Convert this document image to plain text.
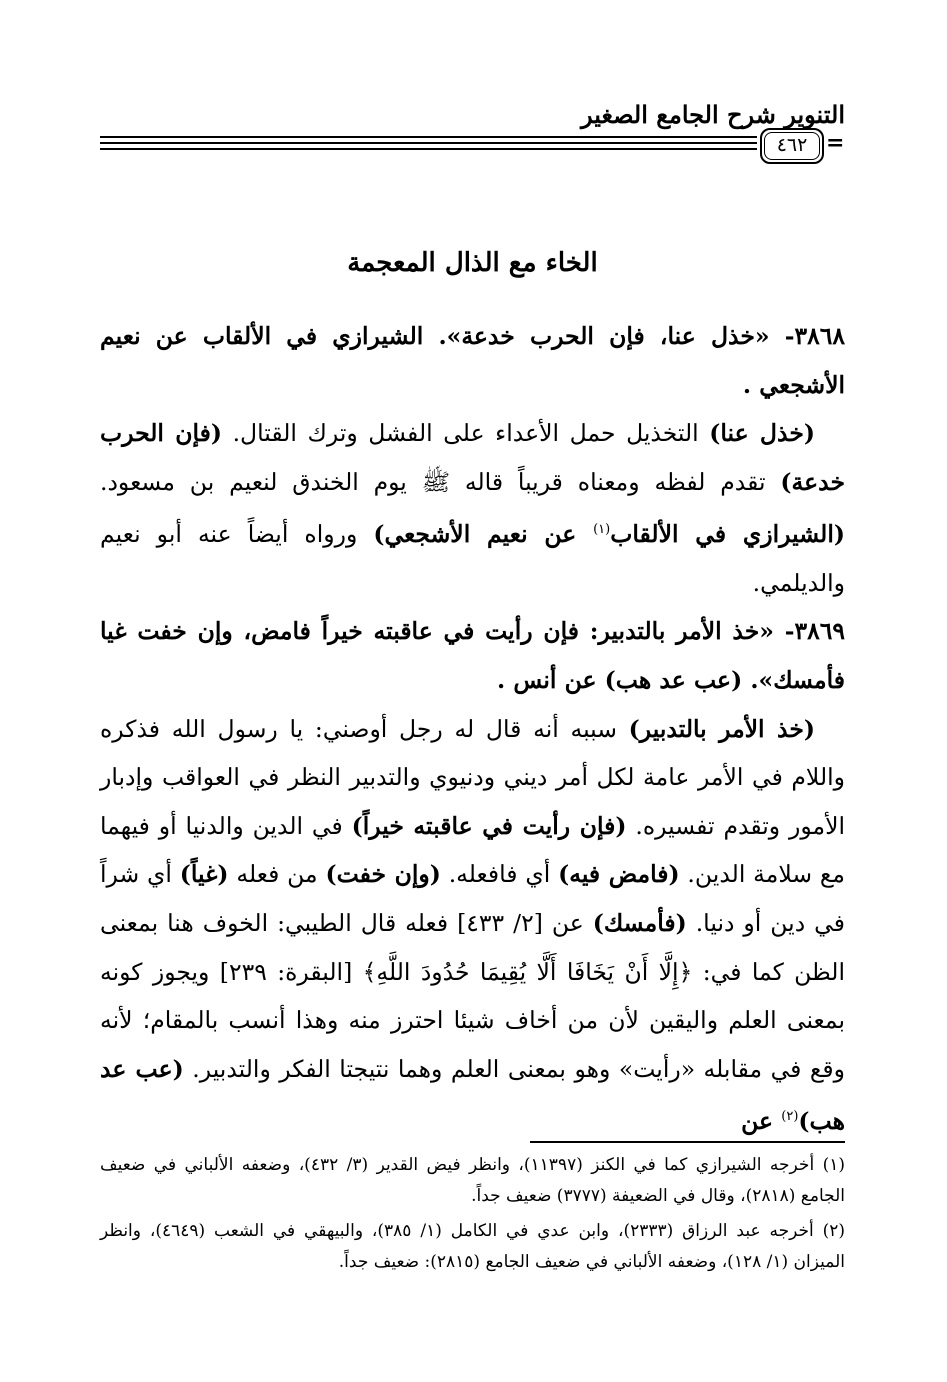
التنوير شرح الجامع الصغير
٤٦٢ =
الخاء مع الذال المعجمة

٣٨٦٨- «خذل عنا، فإن الحرب خدعة». الشيرازي في الألقاب عن نعيم الأشجعي .

(خذل عنا) التخذيل حمل الأعداء على الفشل وترك القتال. (فإن الحرب خدعة) تقدم لفظه ومعناه قريباً قاله ﷺ يوم الخندق لنعيم بن مسعود. (الشيرازي في الألقاب$^{(١)}$ عن نعيم الأشجعي) ورواه أيضاً عنه أبو نعيم والديلمي.

٣٨٦٩- «خذ الأمر بالتدبير: فإن رأيت في عاقبته خيراً فامض، وإن خفت غيا فأمسك». (عب عد هب) عن أنس .

(خذ الأمر بالتدبير) سببه أنه قال له رجل أوصني: يا رسول الله فذكره واللام في الأمر عامة لكل أمر ديني ودنيوي والتدبير النظر في العواقب وإدبار الأمور وتقدم تفسيره. (فإن رأيت في عاقبته خيراً) في الدين والدنيا أو فيهما مع سلامة الدين. (فامض فيه) أي فافعله. (وإن خفت) من فعله (غياً) أي شراً في دين أو دنيا. (فأمسك) عن [٢/ ٤٣٣] فعله قال الطيبي: الخوف هنا بمعنى الظن كما في: ﴿إِلَّا أَنْ يَخَافَا أَلَّا يُقِيمَا حُدُودَ اللَّهِ﴾ [البقرة: ٢٣٩] ويجوز كونه بمعنى العلم واليقين لأن من أخاف شيئا احترز منه وهذا أنسب بالمقام؛ لأنه وقع في مقابله «رأيت» وهو بمعنى العلم وهما نتيجتا الفكر والتدبير. (عب عد هب)$^{(٢)}$ عن

(١) أخرجه الشيرازي كما في الكنز (١١٣٩٧)، وانظر فيض القدير (٣/ ٤٣٢)، وضعفه الألباني في ضعيف الجامع (٢٨١٨)، وقال في الضعيفة (٣٧٧٧) ضعيف جداً.

(٢) أخرجه عبد الرزاق (٢٣٣٣)، وابن عدي في الكامل (١/ ٣٨٥)، والبيهقي في الشعب (٤٦٤٩)، وانظر الميزان (١/ ١٢٨)، وضعفه الألباني في ضعيف الجامع (٢٨١٥): ضعيف جداً.
